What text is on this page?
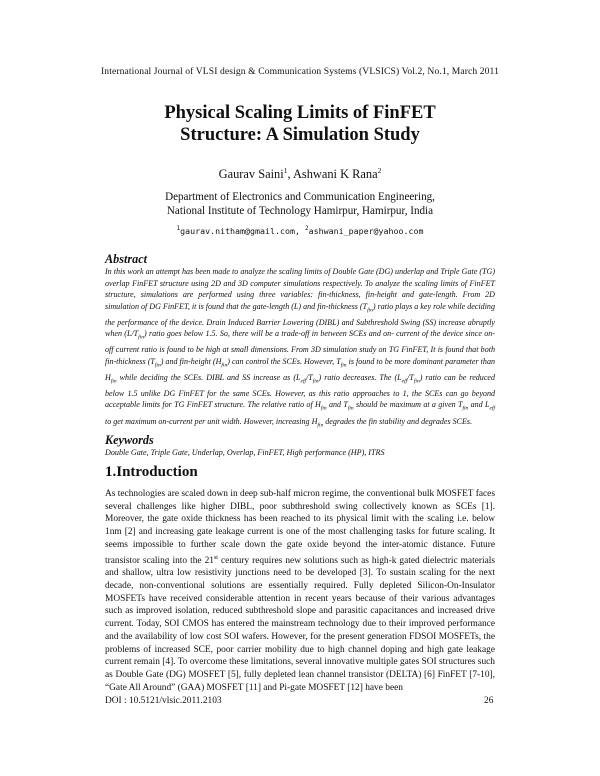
International Journal of VLSI design & Communication Systems (VLSICS) Vol.2, No.1, March 2011
Physical Scaling Limits of FinFET
Structure: A Simulation Study
Gaurav Saini$^1$, Ashwani K Rana$^2$
Department of Electronics and Communication Engineering,
National Institute of Technology Hamirpur, Hamirpur, India
$^1$gaurav.nitham@gmail.com, $^2$ashwani_paper@yahoo.com
Abstract
In this work an attempt has been made to analyze the scaling limits of Double Gate (DG) underlap and Triple Gate (TG) overlap FinFET structure using 2D and 3D computer simulations respectively. To analyze the scaling limits of FinFET structure, simulations are performed using three variables: fin-thickness, fin-height and gate-length. From 2D simulation of DG FinFET, it is found that the gate-length (L) and fin-thickness $(T_{fin})$ ratio plays a key role while deciding the performance of the device. Drain Induced Barrier Lowering (DIBL) and Subthreshold Swing (SS) increase abruptly when $(L/T_{fin})$ ratio goes below 1.5. So, there will be a trade-off in between SCEs and on- current of the device since on-off current ratio is found to be high at small dimensions. From 3D simulation study on TG FinFET, It is found that both fin-thickness $(T_{fin})$ and fin-height $(H_{fin})$ can control the SCEs. However, $T_{fin}$ is found to be more dominant parameter than $H_{fin}$ while deciding the SCEs. DIBL and SS increase as $(L_{eff}/T_{fin})$ ratio decreases. The $(L_{eff}/T_{fin})$ ratio can be reduced below 1.5 unlike DG FinFET for the same SCEs. However, as this ratio approaches to 1, the SCEs can go beyond acceptable limits for TG FinFET structure. The relative ratio of $H_{fin}$ and $T_{fin}$ should be maximum at a given $T_{fin}$ and $L_{eff}$ to get maximum on-current per unit width. However, increasing $H_{fin}$ degrades the fin stability and degrades SCEs.
Keywords
Double Gate, Triple Gate, Underlap, Overlap, FinFET, High performance (HP), ITRS
1.Introduction
As technologies are scaled down in deep sub-half micron regime, the conventional bulk MOSFET faces several challenges like higher DIBL, poor subthreshold swing collectively known as SCEs [1]. Moreover, the gate oxide thickness has been reached to its physical limit with the scaling i.e. below 1nm [2] and increasing gate leakage current is one of the most challenging tasks for future scaling. It seems impossible to further scale down the gate oxide beyond the inter-atomic distance. Future transistor scaling into the 21st century requires new solutions such as high-k gated dielectric materials and shallow, ultra low resistivity junctions need to be developed [3]. To sustain scaling for the next decade, non-conventional solutions are essentially required. Fully depleted Silicon-On-Insulator MOSFETs have received considerable attention in recent years because of their various advantages such as improved isolation, reduced subthreshold slope and parasitic capacitances and increased drive current. Today, SOI CMOS has entered the mainstream technology due to their improved performance and the availability of low cost SOI wafers. However, for the present generation FDSOI MOSFETs, the problems of increased SCE, poor carrier mobility due to high channel doping and high gate leakage current remain [4]. To overcome these limitations, several innovative multiple gates SOI structures such as Double Gate (DG) MOSFET [5], fully depleted lean channel transistor (DELTA) [6] FinFET [7-10], “Gate All Around” (GAA) MOSFET [11] and Pi-gate MOSFET [12] have been
DOI : 10.5121/vlsic.2011.2103	26
